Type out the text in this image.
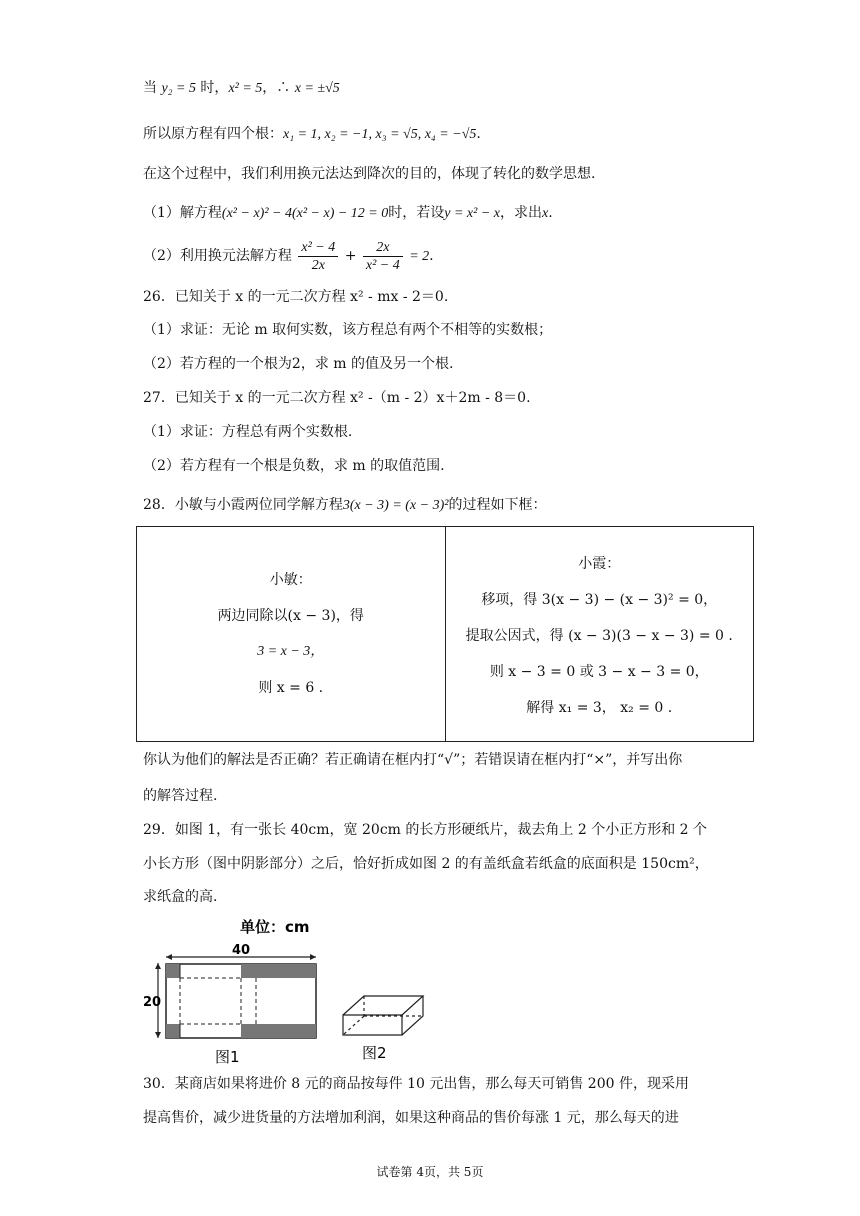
当 y₂ = 5 时，x² = 5，∴ x = ±√5
所以原方程有四个根：x₁ = 1, x₂ = −1, x₃ = √5, x₄ = −√5.
在这个过程中，我们利用换元法达到降次的目的，体现了转化的数学思想.
（1）解方程(x² − x)² − 4(x² − x) − 12 = 0时，若设y = x² − x，求出x.
（2）利用换元法解方程 $\frac{\text{x² − 4}}{2x} + \frac{2x}{\text{x² − 4}} = 2$.
26．已知关于 x 的一元二次方程 x² - mx - 2＝0.
（1）求证：无论 m 取何实数，该方程总有两个不相等的实数根；
（2）若方程的一个根为2，求 m 的值及另一个根.
27．已知关于 x 的一元二次方程 x² -（m - 2）x＋2m - 8＝0.
（1）求证：方程总有两个实数根.
（2）若方程有一个根是负数，求 m 的取值范围.
28．小敏与小霞两位同学解方程3(x − 3) = (x − 3)²的过程如下框：
小敏：
两边同除以(x − 3)，得
3 = x − 3，
则 x = 6 .

小霞：
移项，得 3(x − 3) − (x − 3)² = 0，
提取公因式，得 (x − 3)(3 − x − 3) = 0 .
则 x − 3 = 0 或 3 − x − 3 = 0，
解得 x₁ = 3， x₂ = 0 .
你认为他们的解法是否正确？若正确请在框内打“√”；若错误请在框内打“×”，并写出你
的解答过程.
29．如图 1，有一张长 40cm，宽 20cm 的长方形硬纸片，裁去角上 2 个小正方形和 2 个
小长方形（图中阴影部分）之后，恰好折成如图 2 的有盖纸盒若纸盒的底面积是 150cm²，
求纸盒的高.
单位：cm
40
20
图1	图2
30．某商店如果将进价 8 元的商品按每件 10 元出售，那么每天可销售 200 件，现采用
提高售价，减少进货量的方法增加利润，如果这种商品的售价每涨 1 元，那么每天的进
试卷第 4页，共 5页
